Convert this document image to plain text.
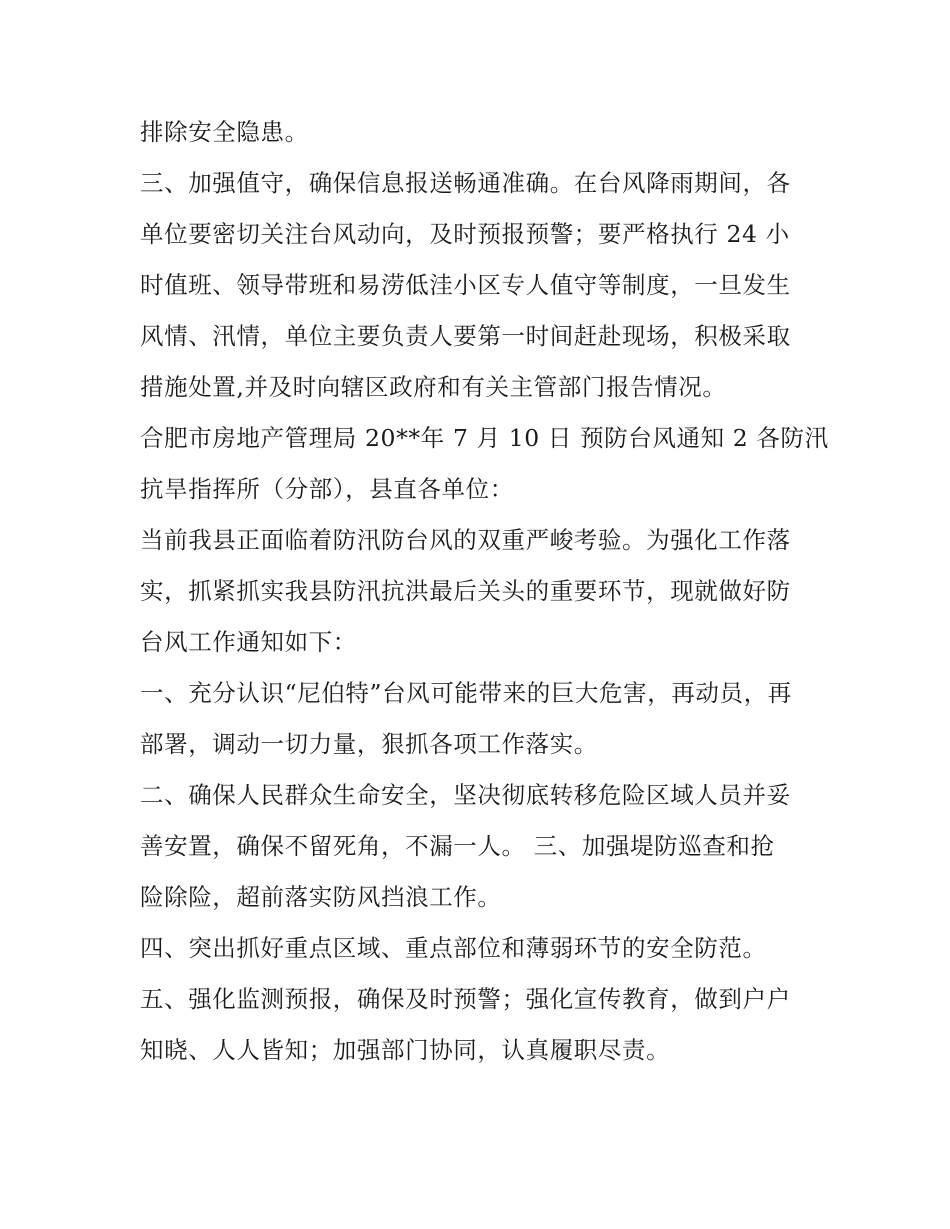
排除安全隐患。
三、加强值守，确保信息报送畅通准确。在台风降雨期间，各
单位要密切关注台风动向，及时预报预警；要严格执行 24 小
时值班、领导带班和易涝低洼小区专人值守等制度，一旦发生
风情、汛情，单位主要负责人要第一时间赶赴现场，积极采取
措施处置,并及时向辖区政府和有关主管部门报告情况。
合肥市房地产管理局 20**年 7 月 10 日 预防台风通知 2 各防汛
抗旱指挥所（分部），县直各单位：
当前我县正面临着防汛防台风的双重严峻考验。为强化工作落
实，抓紧抓实我县防汛抗洪最后关头的重要环节，现就做好防
台风工作通知如下：
一、充分认识“尼伯特”台风可能带来的巨大危害，再动员，再
部署，调动一切力量，狠抓各项工作落实。
二、确保人民群众生命安全，坚决彻底转移危险区域人员并妥
善安置，确保不留死角，不漏一人。 三、加强堤防巡查和抢
险除险，超前落实防风挡浪工作。
四、突出抓好重点区域、重点部位和薄弱环节的安全防范。
五、强化监测预报，确保及时预警；强化宣传教育，做到户户
知晓、人人皆知；加强部门协同，认真履职尽责。
